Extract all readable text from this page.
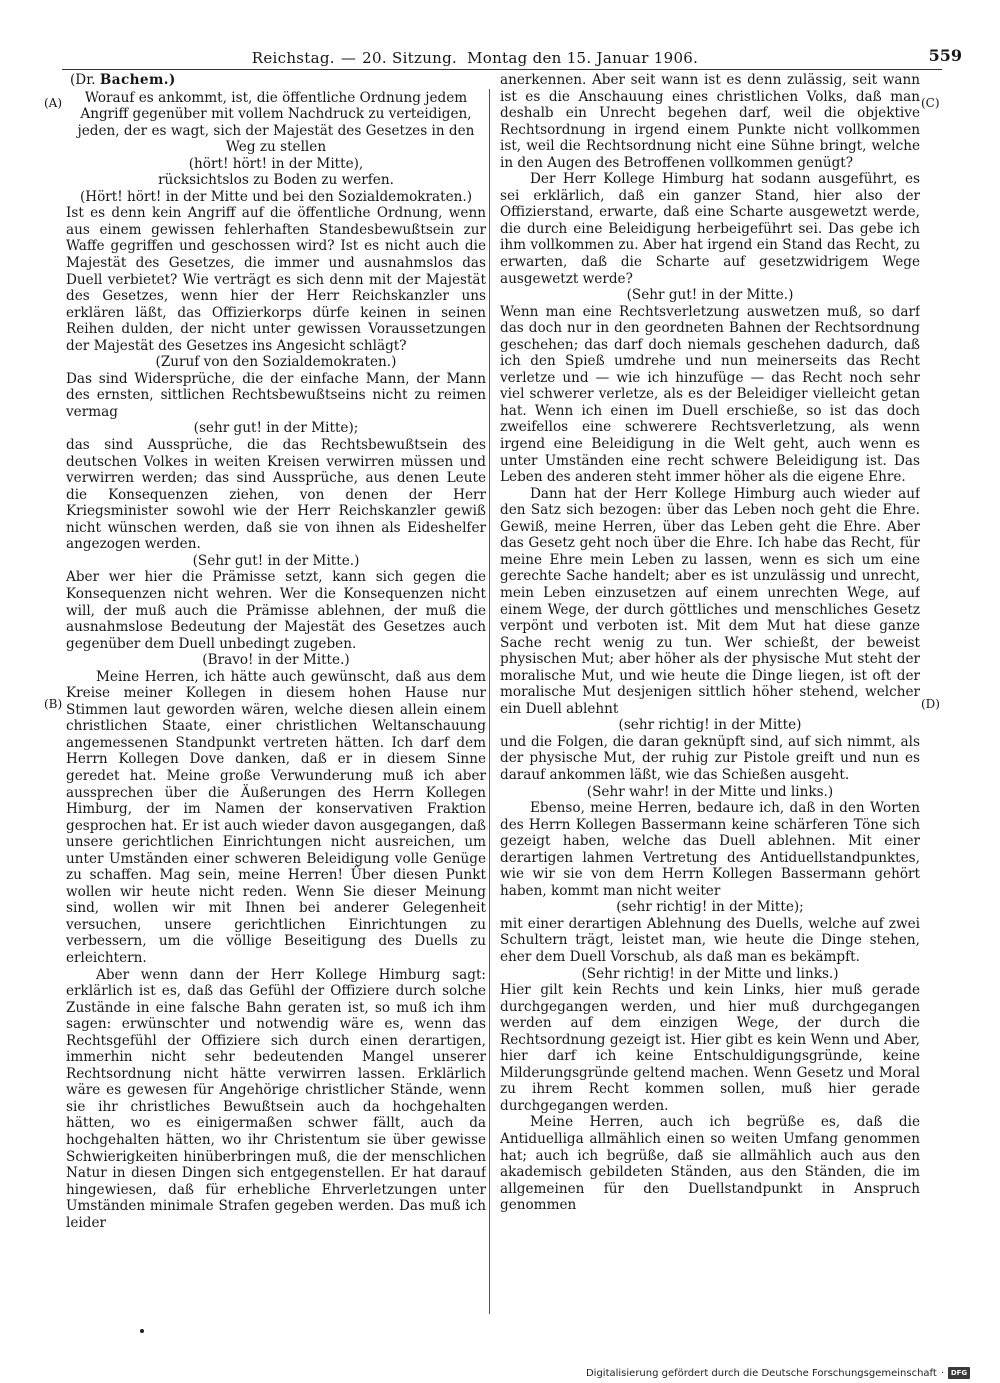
Reichstag. — 20. Sitzung. Montag den 15. Januar 1906.	559
(A)
(B)
(C)
(D)

(Dr. Bachem.)

Worauf es ankommt, ist, die öffentliche Ordnung jedem Angriff gegenüber mit vollem Nachdruck zu verteidigen, jeden, der es wagt, sich der Majestät des Gesetzes in den Weg zu stellen

(hört! hört! in der Mitte),

rücksichtslos zu Boden zu werfen.

(Hört! hört! in der Mitte und bei den Sozialdemokraten.)

Ist es denn kein Angriff auf die öffentliche Ordnung, wenn aus einem gewissen fehlerhaften Standesbewußtsein zur Waffe gegriffen und geschossen wird? Ist es nicht auch die Majestät des Gesetzes, die immer und ausnahmslos das Duell verbietet? Wie verträgt es sich denn mit der Majestät des Gesetzes, wenn hier der Herr Reichskanzler uns erklären läßt, das Offizierkorps dürfe keinen in seinen Reihen dulden, der nicht unter gewissen Voraussetzungen der Majestät des Gesetzes ins Angesicht schlägt?

(Zuruf von den Sozialdemokraten.)

Das sind Widersprüche, die der einfache Mann, der Mann des ernsten, sittlichen Rechtsbewußtseins nicht zu reimen vermag

(sehr gut! in der Mitte);

das sind Aussprüche, die das Rechtsbewußtsein des deutschen Volkes in weiten Kreisen verwirren müssen und verwirren werden; das sind Aussprüche, aus denen Leute die Konsequenzen ziehen, von denen der Herr Kriegsminister sowohl wie der Herr Reichskanzler gewiß nicht wünschen werden, daß sie von ihnen als Eideshelfer angezogen werden.

(Sehr gut! in der Mitte.)

Aber wer hier die Prämisse setzt, kann sich gegen die Konsequenzen nicht wehren. Wer die Konsequenzen nicht will, der muß auch die Prämisse ablehnen, der muß die ausnahmslose Bedeutung der Majestät des Gesetzes auch gegenüber dem Duell unbedingt zugeben.

(Bravo! in der Mitte.)

Meine Herren, ich hätte auch gewünscht, daß aus dem Kreise meiner Kollegen in diesem hohen Hause nur Stimmen laut geworden wären, welche diesen allein einem christlichen Staate, einer christlichen Weltanschauung angemessenen Standpunkt vertreten hätten. Ich darf dem Herrn Kollegen Dove danken, daß er in diesem Sinne geredet hat. Meine große Verwunderung muß ich aber aussprechen über die Äußerungen des Herrn Kollegen Himburg, der im Namen der konservativen Fraktion gesprochen hat. Er ist auch wieder davon ausgegangen, daß unsere gerichtlichen Einrichtungen nicht ausreichen, um unter Umständen einer schweren Beleidigung volle Genüge zu schaffen. Mag sein, meine Herren! Über diesen Punkt wollen wir heute nicht reden. Wenn Sie dieser Meinung sind, wollen wir mit Ihnen bei anderer Gelegenheit versuchen, unsere gerichtlichen Einrichtungen zu verbessern, um die völlige Beseitigung des Duells zu erleichtern.

Aber wenn dann der Herr Kollege Himburg sagt: erklärlich ist es, daß das Gefühl der Offiziere durch solche Zustände in eine falsche Bahn geraten ist, so muß ich ihm sagen: erwünschter und notwendig wäre es, wenn das Rechtsgefühl der Offiziere sich durch einen derartigen, immerhin nicht sehr bedeutenden Mangel unserer Rechtsordnung nicht hätte verwirren lassen. Erklärlich wäre es gewesen für Angehörige christlicher Stände, wenn sie ihr christliches Bewußtsein auch da hochgehalten hätten, wo es einigermaßen schwer fällt, auch da hochgehalten hätten, wo ihr Christentum sie über gewisse Schwierigkeiten hinüberbringen muß, die der menschlichen Natur in diesen Dingen sich entgegenstellen. Er hat darauf hingewiesen, daß für erhebliche Ehrverletzungen unter Umständen minimale Strafen gegeben werden. Das muß ich leider

anerkennen. Aber seit wann ist es denn zulässig, seit wann ist es die Anschauung eines christlichen Volks, daß man deshalb ein Unrecht begehen darf, weil die objektive Rechtsordnung in irgend einem Punkte nicht vollkommen ist, weil die Rechtsordnung nicht eine Sühne bringt, welche in den Augen des Betroffenen vollkommen genügt?

Der Herr Kollege Himburg hat sodann ausgeführt, es sei erklärlich, daß ein ganzer Stand, hier also der Offizierstand, erwarte, daß eine Scharte ausgewetzt werde, die durch eine Beleidigung herbeigeführt sei. Das gebe ich ihm vollkommen zu. Aber hat irgend ein Stand das Recht, zu erwarten, daß die Scharte auf gesetzwidrigem Wege ausgewetzt werde?

(Sehr gut! in der Mitte.)

Wenn man eine Rechtsverletzung auswetzen muß, so darf das doch nur in den geordneten Bahnen der Rechtsordnung geschehen; das darf doch niemals geschehen dadurch, daß ich den Spieß umdrehe und nun meinerseits das Recht verletze und — wie ich hinzufüge — das Recht noch sehr viel schwerer verletze, als es der Beleidiger vielleicht getan hat. Wenn ich einen im Duell erschieße, so ist das doch zweifellos eine schwerere Rechtsverletzung, als wenn irgend eine Beleidigung in die Welt geht, auch wenn es unter Umständen eine recht schwere Beleidigung ist. Das Leben des anderen steht immer höher als die eigene Ehre.

Dann hat der Herr Kollege Himburg auch wieder auf den Satz sich bezogen: über das Leben noch geht die Ehre. Gewiß, meine Herren, über das Leben geht die Ehre. Aber das Gesetz geht noch über die Ehre. Ich habe das Recht, für meine Ehre mein Leben zu lassen, wenn es sich um eine gerechte Sache handelt; aber es ist unzulässig und unrecht, mein Leben einzusetzen auf einem unrechten Wege, auf einem Wege, der durch göttliches und menschliches Gesetz verpönt und verboten ist. Mit dem Mut hat diese ganze Sache recht wenig zu tun. Wer schießt, der beweist physischen Mut; aber höher als der physische Mut steht der moralische Mut, und wie heute die Dinge liegen, ist oft der moralische Mut desjenigen sittlich höher stehend, welcher ein Duell ablehnt

(sehr richtig! in der Mitte)

und die Folgen, die daran geknüpft sind, auf sich nimmt, als der physische Mut, der ruhig zur Pistole greift und nun es darauf ankommen läßt, wie das Schießen ausgeht.

(Sehr wahr! in der Mitte und links.)

Ebenso, meine Herren, bedaure ich, daß in den Worten des Herrn Kollegen Bassermann keine schärferen Töne sich gezeigt haben, welche das Duell ablehnen. Mit einer derartigen lahmen Vertretung des Antiduellstandpunktes, wie wir sie von dem Herrn Kollegen Bassermann gehört haben, kommt man nicht weiter

(sehr richtig! in der Mitte);

mit einer derartigen Ablehnung des Duells, welche auf zwei Schultern trägt, leistet man, wie heute die Dinge stehen, eher dem Duell Vorschub, als daß man es bekämpft.

(Sehr richtig! in der Mitte und links.)

Hier gilt kein Rechts und kein Links, hier muß gerade durchgegangen werden, und hier muß durchgegangen werden auf dem einzigen Wege, der durch die Rechtsordnung gezeigt ist. Hier gibt es kein Wenn und Aber, hier darf ich keine Entschuldigungsgründe, keine Milderungsgründe geltend machen. Wenn Gesetz und Moral zu ihrem Recht kommen sollen, muß hier gerade durchgegangen werden.

Meine Herren, auch ich begrüße es, daß die Antiduelliga allmählich einen so weiten Umfang genommen hat; auch ich begrüße, daß sie allmählich auch aus den akademisch gebildeten Ständen, aus den Ständen, die im allgemeinen für den Duellstandpunkt in Anspruch genommen

Digitalisierung gefördert durch die Deutsche Forschungsgemeinschaft · DFG
